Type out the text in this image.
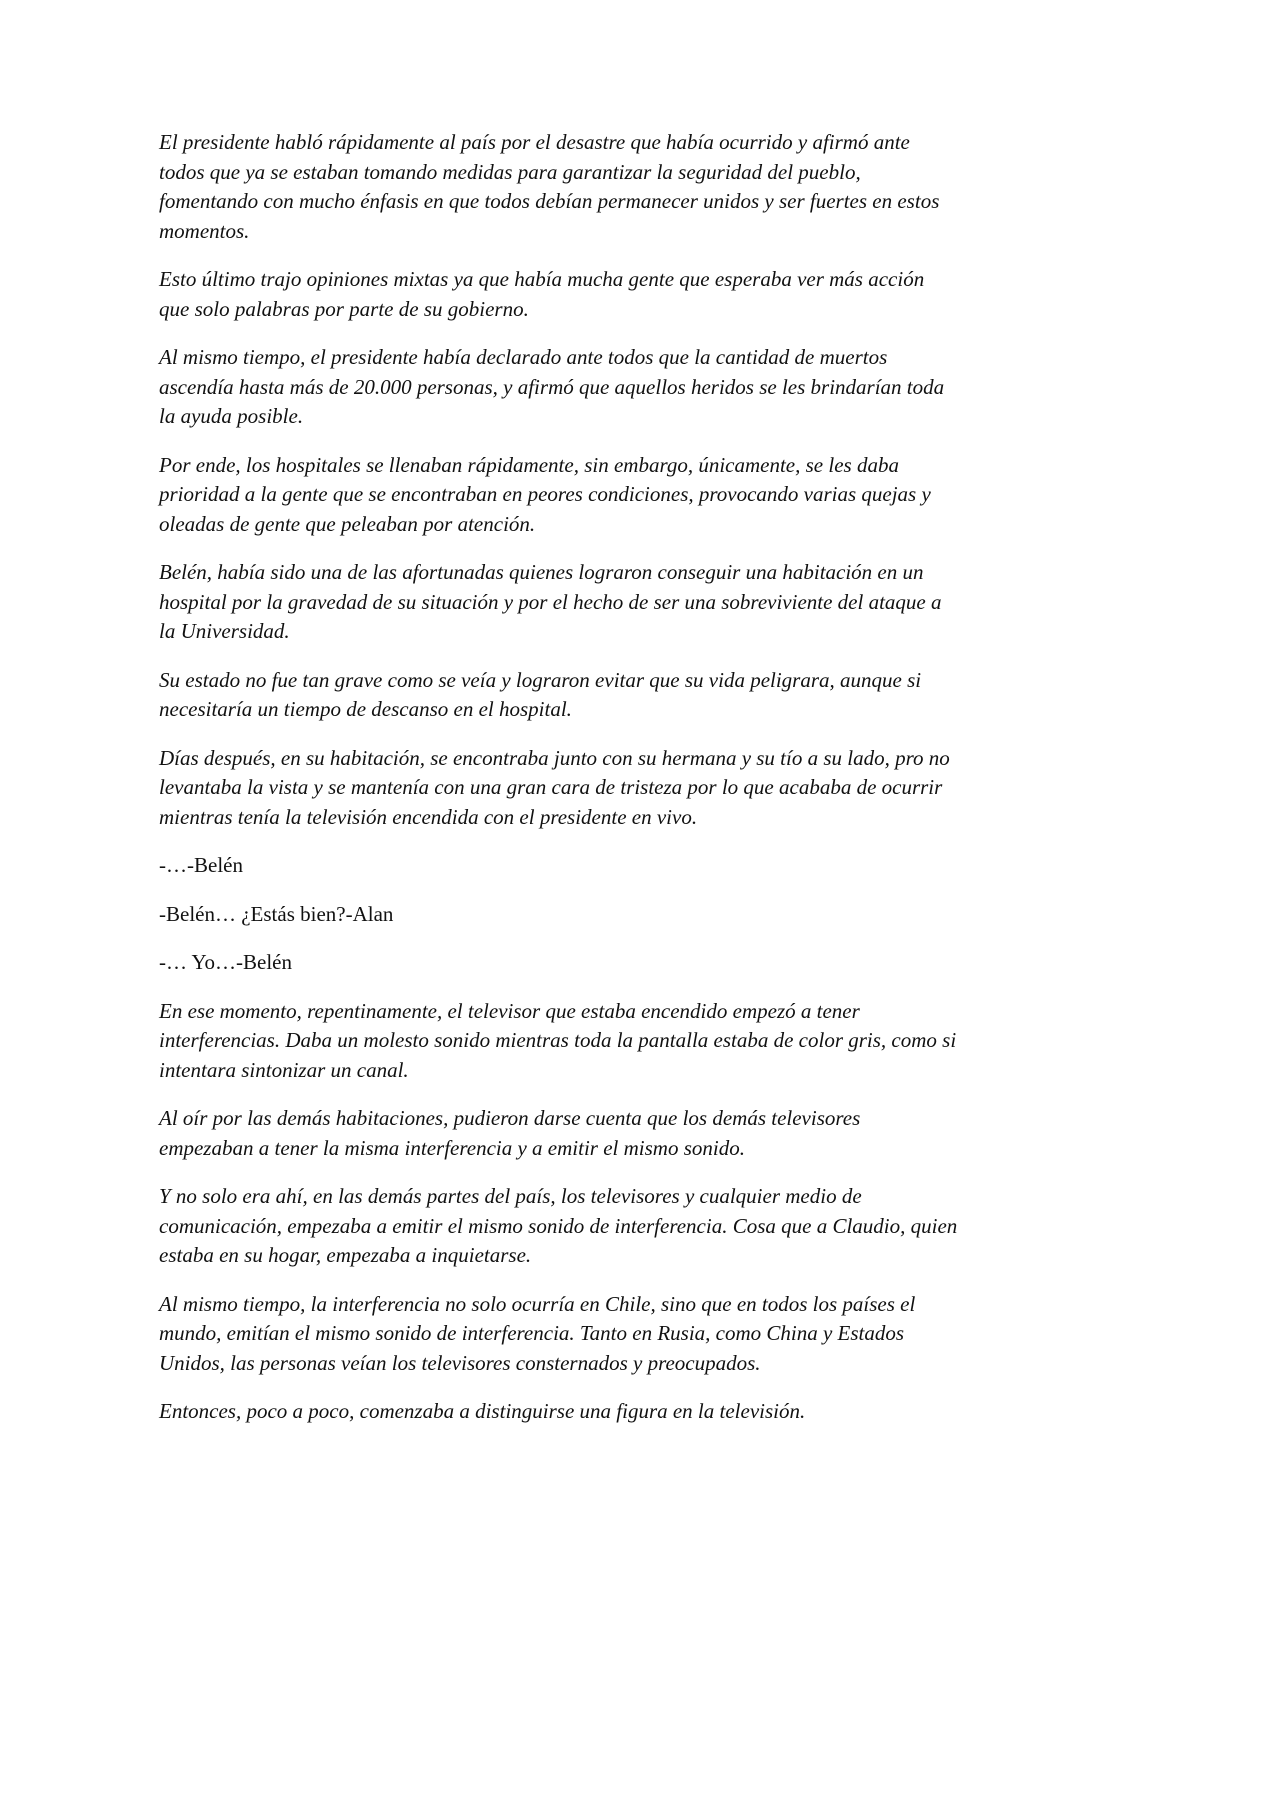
El presidente habló rápidamente al país por el desastre que había ocurrido y afirmó ante todos que ya se estaban tomando medidas para garantizar la seguridad del pueblo, fomentando con mucho énfasis en que todos debían permanecer unidos y ser fuertes en estos momentos.

Esto último trajo opiniones mixtas ya que había mucha gente que esperaba ver más acción que solo palabras por parte de su gobierno.

Al mismo tiempo, el presidente había declarado ante todos que la cantidad de muertos ascendía hasta más de 20.000 personas, y afirmó que aquellos heridos se les brindarían toda la ayuda posible.

Por ende, los hospitales se llenaban rápidamente, sin embargo, únicamente, se les daba prioridad a la gente que se encontraban en peores condiciones, provocando varias quejas y oleadas de gente que peleaban por atención.

Belén, había sido una de las afortunadas quienes lograron conseguir una habitación en un hospital por la gravedad de su situación y por el hecho de ser una sobreviviente del ataque a la Universidad.

Su estado no fue tan grave como se veía y lograron evitar que su vida peligrara, aunque si necesitaría un tiempo de descanso en el hospital.

Días después, en su habitación, se encontraba junto con su hermana y su tío a su lado, pro no levantaba la vista y se mantenía con una gran cara de tristeza por lo que acababa de ocurrir mientras tenía la televisión encendida con el presidente en vivo.

-…-Belén

-Belén… ¿Estás bien?-Alan

-… Yo…-Belén

En ese momento, repentinamente, el televisor que estaba encendido empezó a tener interferencias. Daba un molesto sonido mientras toda la pantalla estaba de color gris, como si intentara sintonizar un canal.

Al oír por las demás habitaciones, pudieron darse cuenta que los demás televisores empezaban a tener la misma interferencia y a emitir el mismo sonido.

Y no solo era ahí, en las demás partes del país, los televisores y cualquier medio de comunicación, empezaba a emitir el mismo sonido de interferencia. Cosa que a Claudio, quien estaba en su hogar, empezaba a inquietarse.

Al mismo tiempo, la interferencia no solo ocurría en Chile, sino que en todos los países el mundo, emitían el mismo sonido de interferencia. Tanto en Rusia, como China y Estados Unidos, las personas veían los televisores consternados y preocupados.

Entonces, poco a poco, comenzaba a distinguirse una figura en la televisión.
